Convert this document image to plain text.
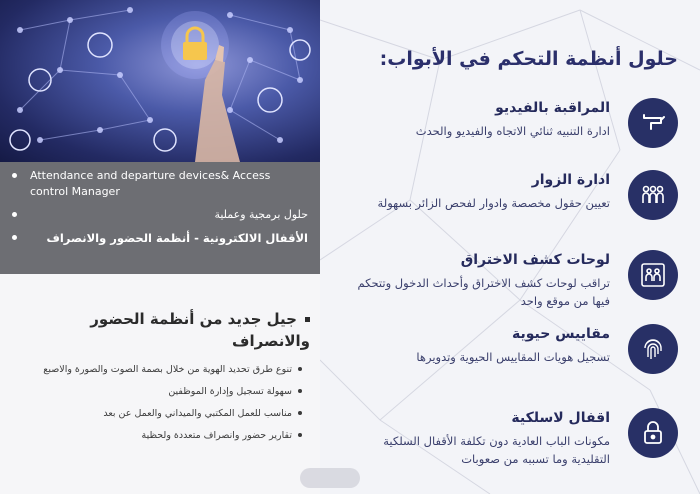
Attendance and departure devices& Access control Manager
حلول برمجية وعملية
الأقفال الالكترونية - أنظمة الحضور والانصراف
جيل جديد من أنظمة الحضور والانصراف
تنوع طرق تحديد الهوية من خلال بصمة الصوت والصورة والاصبع
سهولة تسجيل وإدارة الموظفين
مناسب للعمل المكتبي والميداني والعمل عن بعد
تقارير حضور وانصراف متعددة ولحظية
حلول أنظمة التحكم في الأبواب:
المراقبة بالفيديو
ادارة التنبيه ثنائي الاتجاه والفيديو والحدث
ادارة الزوار
تعيين حقول مخصصة وادوار لفحص الزائر بسهولة
لوحات كشف الاختراق
تراقب لوحات كشف الاختراق وأحداث الدخول وتتحكم فيها من موقع واحد
مقاييس حيوية
تسجيل هويات المقاييس الحيوية وتدويرها
اقفال لاسلكية
مكونات الباب العادية دون تكلفة الأقفال السلكية التقليدية وما تسببه من صعوبات
